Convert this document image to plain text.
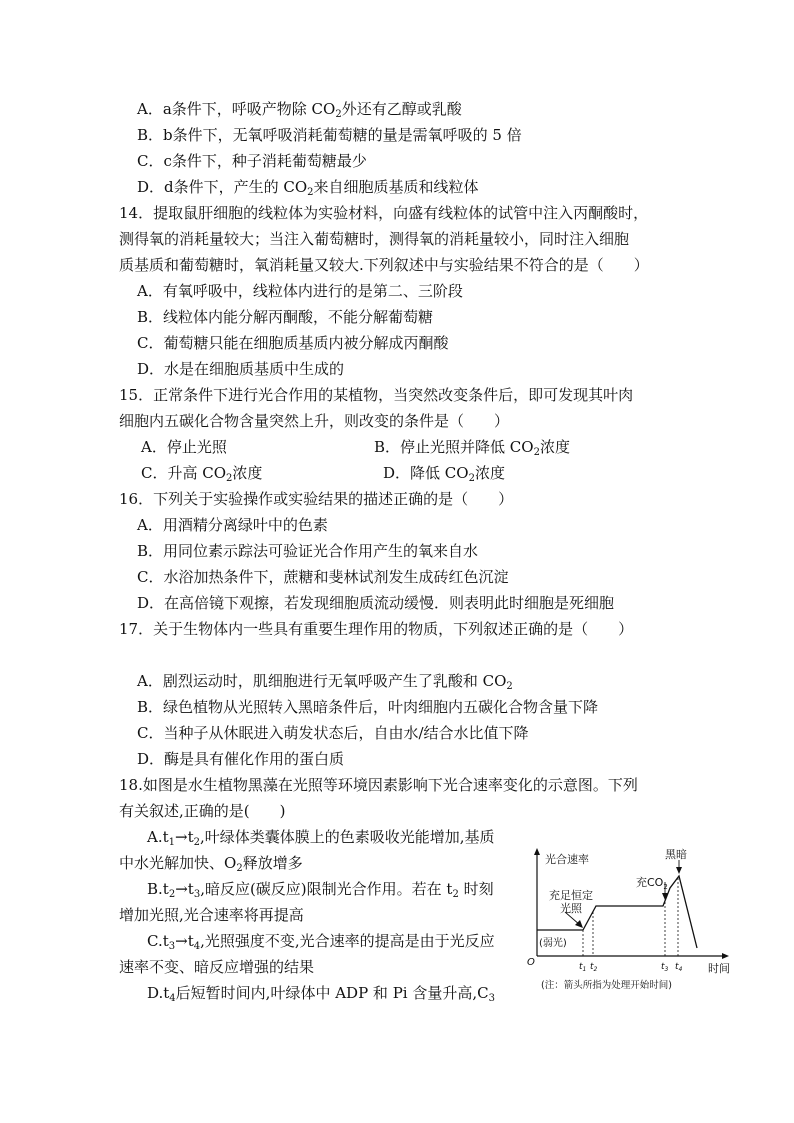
A．a条件下，呼吸产物除 $CO_2$外还有乙醇或乳酸
B．b条件下，无氧呼吸消耗葡萄糖的量是需氧呼吸的 5 倍
C．c条件下，种子消耗葡萄糖最少
D．d条件下，产生的 $CO_2$来自细胞质基质和线粒体
14．提取鼠肝细胞的线粒体为实验材料，向盛有线粒体的试管中注入丙酮酸时，
测得氧的消耗量较大；当注入葡萄糖时，测得氧的消耗量较小，同时注入细胞
质基质和葡萄糖时，氧消耗量又较大.下列叙述中与实验结果不符合的是（　　）
A．有氧呼吸中，线粒体内进行的是第二、三阶段
B．线粒体内能分解丙酮酸，不能分解葡萄糖
C．葡萄糖只能在细胞质基质内被分解成丙酮酸
D．水是在细胞质基质中生成的
15．正常条件下进行光合作用的某植物，当突然改变条件后，即可发现其叶肉
细胞内五碳化合物含量突然上升，则改变的条件是（　　）
A．停止光照	B．停止光照并降低 $CO_2$浓度
C．升高 $CO_2$浓度	D．降低 $CO_2$浓度
16．下列关于实验操作或实验结果的描述正确的是（　　）
A．用酒精分离绿叶中的色素
B．用同位素示踪法可验证光合作用产生的氧来自水
C．水浴加热条件下，蔗糖和斐林试剂发生成砖红色沉淀
D．在高倍镜下观擦，若发现细胞质流动缓慢．则表明此时细胞是死细胞
17．关于生物体内一些具有重要生理作用的物质，下列叙述正确的是（　　）
A．剧烈运动时，肌细胞进行无氧呼吸产生了乳酸和 $CO_2$
B．绿色植物从光照转入黑暗条件后，叶肉细胞内五碳化合物含量下降
C．当种子从休眠进入萌发状态后，自由水/结合水比值下降
D．酶是具有催化作用的蛋白质
18.如图是水生植物黑藻在光照等环境因素影响下光合速率变化的示意图。下列
有关叙述,正确的是(　　)
$A.t_1\to t_2$,叶绿体类囊体膜上的色素吸收光能增加,基质
中水光解加快、$O_2$释放增多
$B.t_2\to t_3$,暗反应(碳反应)限制光合作用。若在 $t_2$ 时刻
增加光照,光合速率将再提高
$C.t_3\to t_4$,光照强度不变,光合速率的提高是由于光反应
速率不变、暗反应增强的结果
$D.t_4$后短暂时间内,叶绿体中 ADP 和 Pi 含量升高$,C_3$
光合速率	黑暗
充$CO_2$
充足恒定
光照
(弱光)
O	$t_1$ $t_2$	$t_3$ $t_4$ 时间
(注：箭头所指为处理开始时间)
